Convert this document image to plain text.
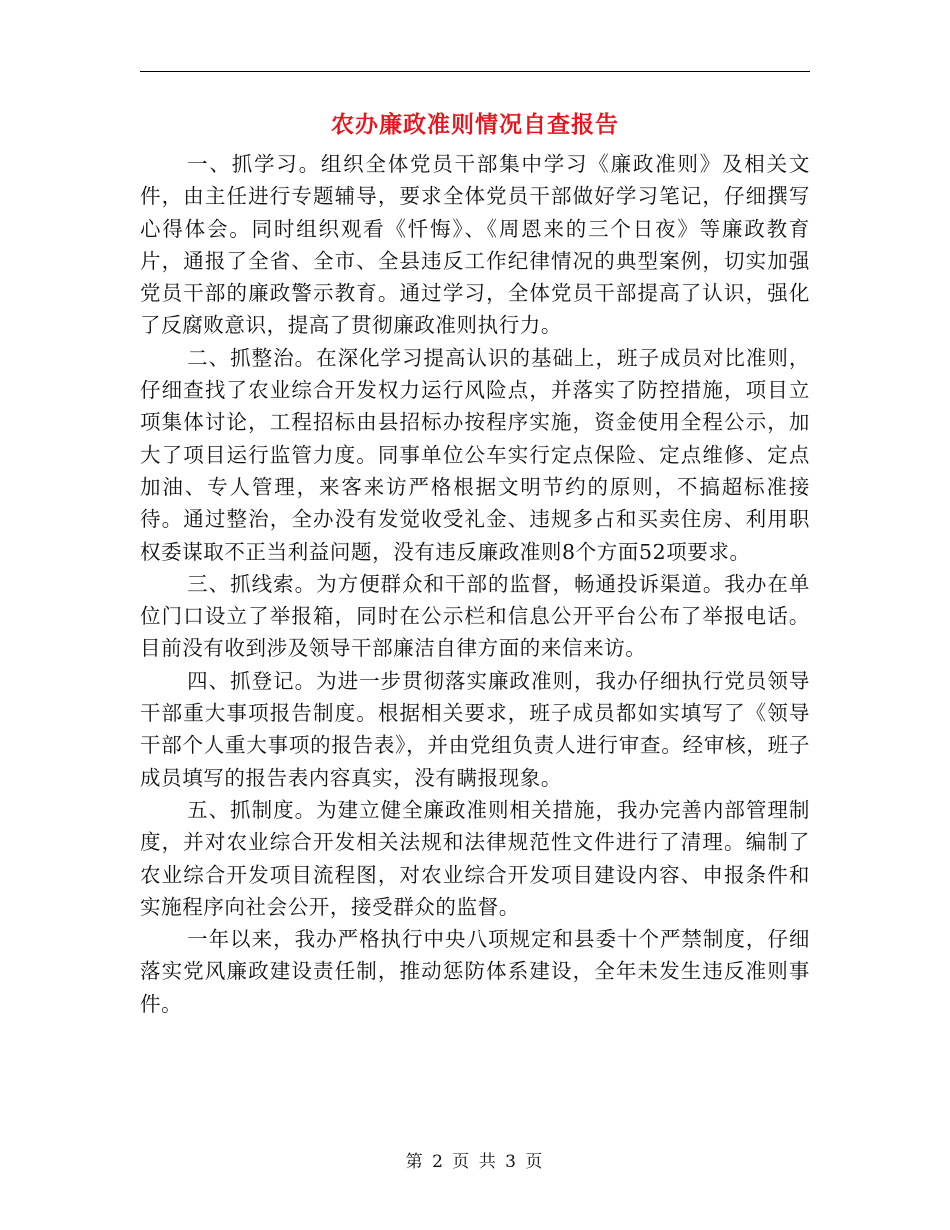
农办廉政准则情况自查报告

一、抓学习。组织全体党员干部集中学习《廉政准则》及相关文件，由主任进行专题辅导，要求全体党员干部做好学习笔记，仔细撰写心得体会。同时组织观看《忏悔》、《周恩来的三个日夜》等廉政教育片，通报了全省、全市、全县违反工作纪律情况的典型案例，切实加强党员干部的廉政警示教育。通过学习，全体党员干部提高了认识，强化了反腐败意识，提高了贯彻廉政准则执行力。

二、抓整治。在深化学习提高认识的基础上，班子成员对比准则，仔细查找了农业综合开发权力运行风险点，并落实了防控措施，项目立项集体讨论，工程招标由县招标办按程序实施，资金使用全程公示，加大了项目运行监管力度。同事单位公车实行定点保险、定点维修、定点加油、专人管理，来客来访严格根据文明节约的原则，不搞超标准接待。通过整治，全办没有发觉收受礼金、违规多占和买卖住房、利用职权委谋取不正当利益问题，没有违反廉政准则8个方面52项要求。

三、抓线索。为方便群众和干部的监督，畅通投诉渠道。我办在单位门口设立了举报箱，同时在公示栏和信息公开平台公布了举报电话。目前没有收到涉及领导干部廉洁自律方面的来信来访。

四、抓登记。为进一步贯彻落实廉政准则，我办仔细执行党员领导干部重大事项报告制度。根据相关要求，班子成员都如实填写了《领导干部个人重大事项的报告表》，并由党组负责人进行审查。经审核，班子成员填写的报告表内容真实，没有瞒报现象。

五、抓制度。为建立健全廉政准则相关措施，我办完善内部管理制度，并对农业综合开发相关法规和法律规范性文件进行了清理。编制了农业综合开发项目流程图，对农业综合开发项目建设内容、申报条件和实施程序向社会公开，接受群众的监督。

一年以来，我办严格执行中央八项规定和县委十个严禁制度，仔细落实党风廉政建设责任制，推动惩防体系建设，全年未发生违反准则事件。

第 2 页 共 3 页
